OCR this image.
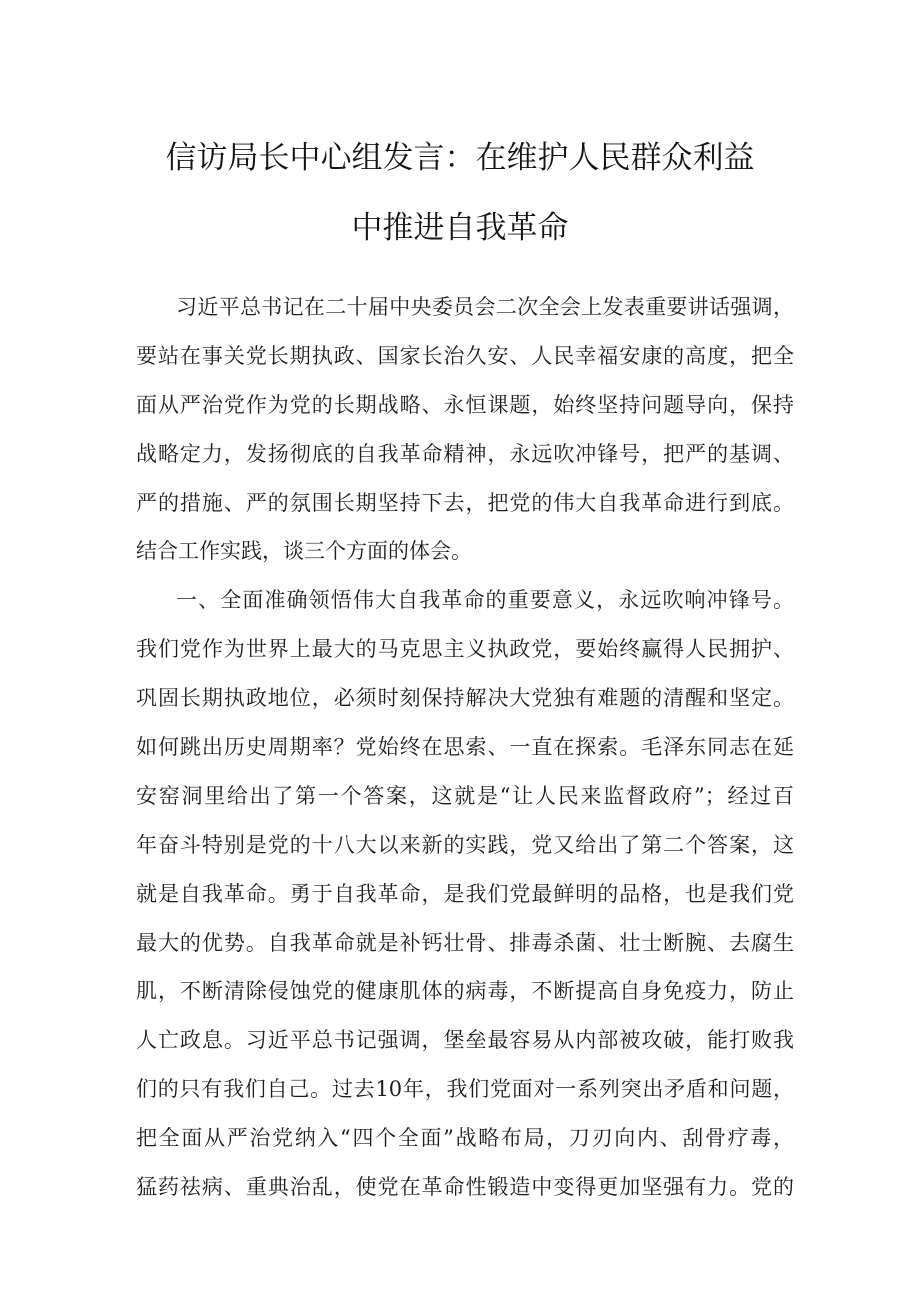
信访局长中心组发言：在维护人民群众利益
中推进自我革命
习近平总书记在二十届中央委员会二次全会上发表重要讲话强调，
要站在事关党长期执政、国家长治久安、人民幸福安康的高度，把全
面从严治党作为党的长期战略、永恒课题，始终坚持问题导向，保持
战略定力，发扬彻底的自我革命精神，永远吹冲锋号，把严的基调、
严的措施、严的氛围长期坚持下去，把党的伟大自我革命进行到底。
结合工作实践，谈三个方面的体会。
一、全面准确领悟伟大自我革命的重要意义，永远吹响冲锋号。
我们党作为世界上最大的马克思主义执政党，要始终赢得人民拥护、
巩固长期执政地位，必须时刻保持解决大党独有难题的清醒和坚定。
如何跳出历史周期率？党始终在思索、一直在探索。毛泽东同志在延
安窑洞里给出了第一个答案，这就是“让人民来监督政府”；经过百
年奋斗特别是党的十八大以来新的实践，党又给出了第二个答案，这
就是自我革命。勇于自我革命，是我们党最鲜明的品格，也是我们党
最大的优势。自我革命就是补钙壮骨、排毒杀菌、壮士断腕、去腐生
肌，不断清除侵蚀党的健康肌体的病毒，不断提高自身免疫力，防止
人亡政息。习近平总书记强调，堡垒最容易从内部被攻破，能打败我
们的只有我们自己。过去10年，我们党面对一系列突出矛盾和问题，
把全面从严治党纳入“四个全面”战略布局，刀刃向内、刮骨疗毒，
猛药祛病、重典治乱，使党在革命性锻造中变得更加坚强有力。党的
